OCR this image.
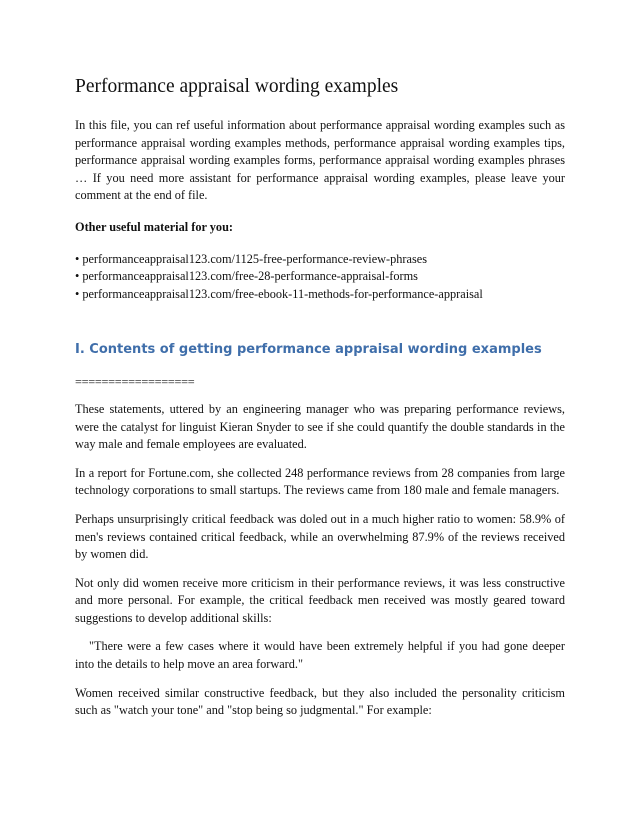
Performance appraisal wording examples

In this file, you can ref useful information about performance appraisal wording examples such as performance appraisal wording examples methods, performance appraisal wording examples tips, performance appraisal wording examples forms, performance appraisal wording examples phrases … If you need more assistant for performance appraisal wording examples, please leave your comment at the end of file.

Other useful material for you:
• performanceappraisal123.com/1125-free-performance-review-phrases
• performanceappraisal123.com/free-28-performance-appraisal-forms
• performanceappraisal123.com/free-ebook-11-methods-for-performance-appraisal
I. Contents of getting performance appraisal wording examples
==================

These statements, uttered by an engineering manager who was preparing performance reviews, were the catalyst for linguist Kieran Snyder to see if she could quantify the double standards in the way male and female employees are evaluated.

In a report for Fortune.com, she collected 248 performance reviews from 28 companies from large technology corporations to small startups. The reviews came from 180 male and female managers.

Perhaps unsurprisingly critical feedback was doled out in a much higher ratio to women: 58.9% of men's reviews contained critical feedback, while an overwhelming 87.9% of the reviews received by women did.

Not only did women receive more criticism in their performance reviews, it was less constructive and more personal. For example, the critical feedback men received was mostly geared toward suggestions to develop additional skills:

"There were a few cases where it would have been extremely helpful if you had gone deeper into the details to help move an area forward."

Women received similar constructive feedback, but they also included the personality criticism such as "watch your tone" and "stop being so judgmental." For example:
